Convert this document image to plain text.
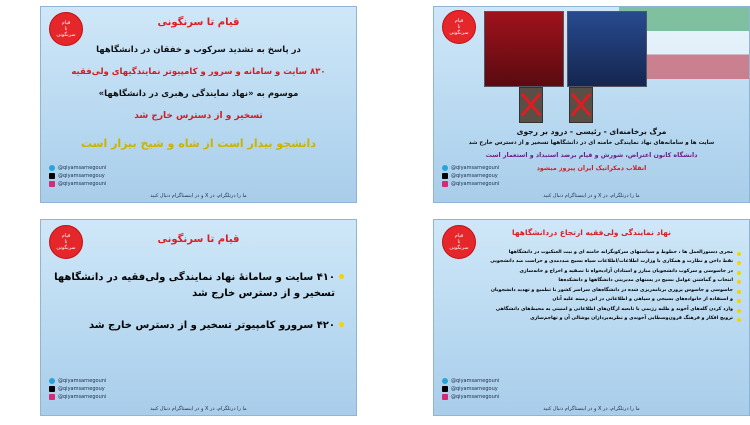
قیام
تا
سرنگونی
قیام تا سرنگونی
در پاسخ به تشدید سرکوب و خفقان در دانشگاهها
۸۳۰ سایت و سامانه و سرور و کامپیوتر نمایندگیهای ولی‌فقیه
موسوم به «نهاد نمایندگی رهبری در دانشگاهها»
تسخیر و از دسترس خارج شد
دانشجو بیدار است از شاه و شیخ بیزار است
@qiyamsarnegouni
@qiyamsarnegouy
@qiyamsarnegouni
ما را درتلگرام، در X و در اینستاگرام دنبال کنید
قیام
تا
سرنگونی
مرگ برخامنه‌ای - رئیسی - درود بر رجوی
سایت ها و سامانه‌های نهاد نمایندگی خامنه ای در دانشگاهها تسخیر و از دسترس خارج شد
دانشگاه کانون اعتراض، شورش و قیام برضد استبداد و استعمار است
انقلاب دمکراتیک ایران پیروز میشود
@qiyamsarnegouni
@qiyamsarnegouy
@qiyamsarnegouni
ما را درتلگرام، در X و در اینستاگرام دنبال کنید
قیام
تا
سرنگونی
قیام تا سرنگونی
۴۱۰ سایت و سامانهٔ نهاد نمایندگی ولی‌فقیه در دانشگاهها تسخیر و از دسترس خارج شد
۴۲۰ سرورو کامپیوتر تسخیر و از دسترس خارج شد
@qiyamsarnegouni
@qiyamsarnegouy
@qiyamsarnegouni
ما را درتلگرام، در X و در اینستاگرام دنبال کنید
قیام
تا
سرنگونی
نهاد نمایندگی ولی‌فقیه ارتجاع دردانشگاهها
مجری دستورالعمل ها ، خطوط و سیاستهای سرکوبگرانه خامنه ای و بیت العنکبوت در دانشگاهها
نقط داخن و نظارت و همکاری با وزارت اطلاعات/اطلاعات سپاه بسیج ضددمدی و حراست ضد دانشجویی
در جاسوسی و سرکوب دانشجویان مبارز و استادان آزادیخواه تا تصفیه و اخراج و خانه‌سازی
انتخاب و گماشتن عوامل بسیج در پستهای مدیریتی دانشگاهها و دانشکده‌ها
جاسوسی و جاسوس پروری برنامه‌ریزی شده در دانشگاه‌های سراسر کشور با تطمیع و تهدید دانشجویان
و استفاده از خانواده‌های بسیجی و سپاهی و اطلاعاتی در این زمینه علیه آنان
وارد کردن گله‌های آخوند و طلبه رژیمی با تابعیه ارگان‌های اطلاعاتی و امنیتی به محیط‌های دانشگاهی
ترویج افکار و فرهنگ قرون‌وسطایی آخوندی و نظریه‌پردازان پوشالی آن و تهاجم‌سازی
@qiyamsarnegouni
@qiyamsarnegouy
@qiyamsarnegouni
ما را درتلگرام، در X و در اینستاگرام دنبال کنید
